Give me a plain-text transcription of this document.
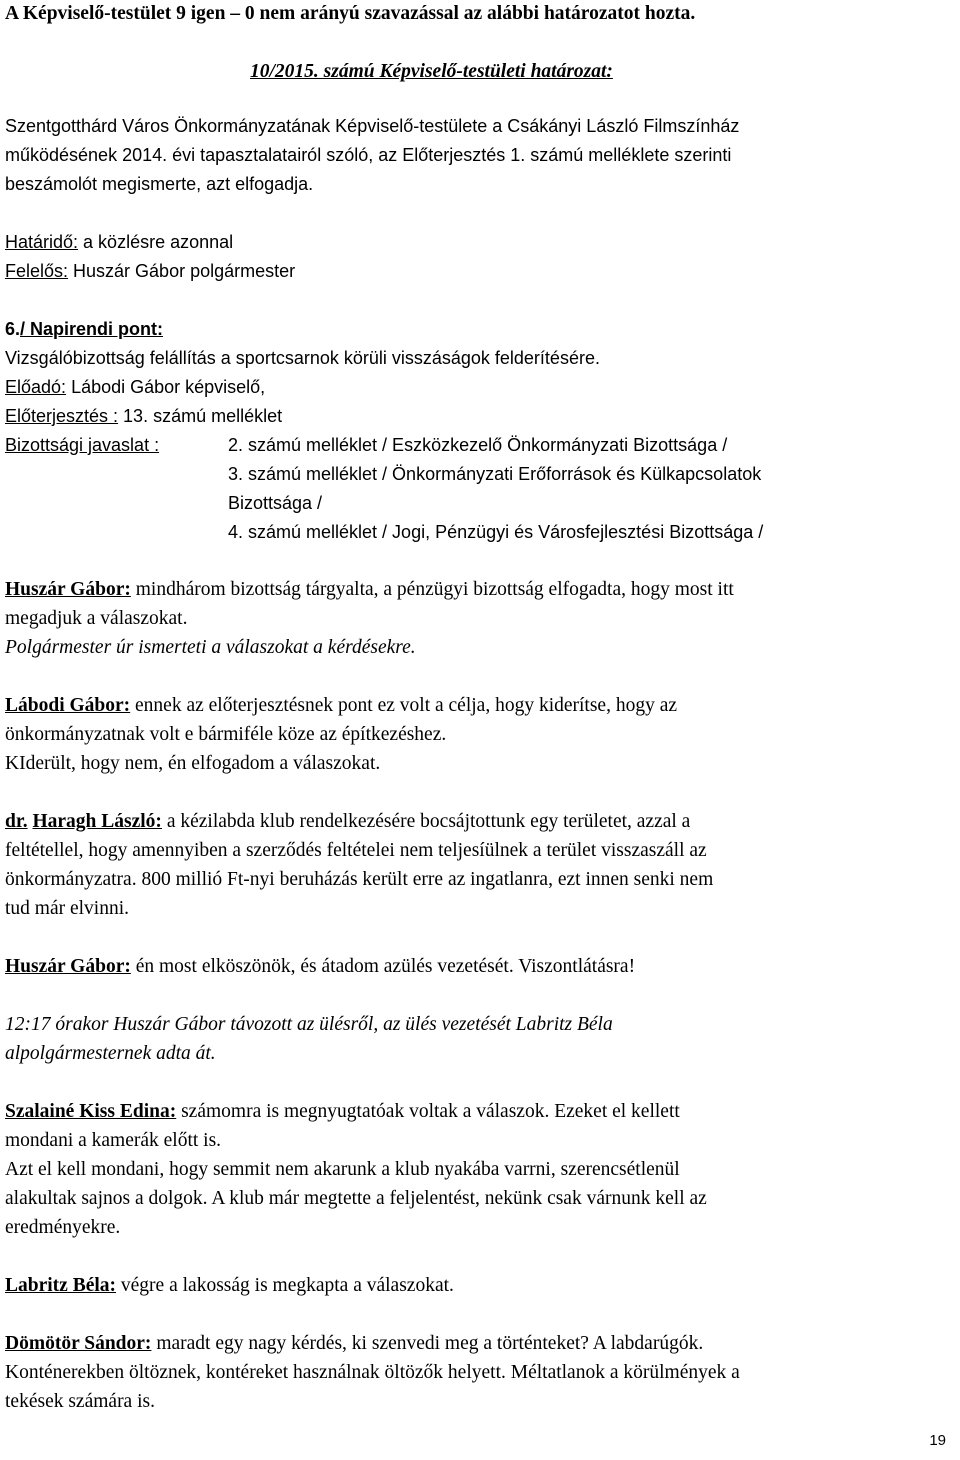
A Képviselő-testület 9 igen – 0 nem arányú szavazással az alábbi határozatot hozta.
10/2015. számú Képviselő-testületi határozat:
Szentgotthárd Város Önkormányzatának Képviselő-testülete a Csákányi László Filmszínház
működésének 2014. évi tapasztalatairól szóló, az Előterjesztés 1. számú melléklete szerinti
beszámolót megismerte, azt elfogadja.
Határidő: a közlésre azonnal
Felelős: Huszár Gábor polgármester
6./ Napirendi pont:
Vizsgálóbizottság felállítás a sportcsarnok körüli visszáságok felderítésére.
Előadó: Lábodi Gábor képviselő,
Előterjesztés : 13. számú melléklet
Bizottsági javaslat :	2. számú melléklet / Eszközkezelő Önkormányzati Bizottsága /
3. számú melléklet / Önkormányzati Erőforrások és Külkapcsolatok
Bizottsága /
4. számú melléklet / Jogi, Pénzügyi és Városfejlesztési Bizottsága /
Huszár Gábor: mindhárom bizottság tárgyalta, a pénzügyi bizottság elfogadta, hogy most itt
megadjuk a válaszokat.
Polgármester úr ismerteti a válaszokat a kérdésekre.
Lábodi Gábor: ennek az előterjesztésnek pont ez volt a célja, hogy kiderítse, hogy az
önkormányzatnak volt e bármiféle köze az építkezéshez.
KIderült, hogy nem, én elfogadom a válaszokat.
dr. Haragh László: a kézilabda klub rendelkezésére bocsájtottunk egy területet, azzal a
feltétellel, hogy amennyiben a szerződés feltételei nem teljesíülnek a terület visszaszáll az
önkormányzatra. 800 millió Ft-nyi beruházás került erre az ingatlanra, ezt innen senki nem
tud már elvinni.
Huszár Gábor: én most elköszönök, és átadom azülés vezetését. Viszontlátásra!
12:17 órakor Huszár Gábor távozott az ülésről, az ülés vezetését Labritz Béla
alpolgármesternek adta át.
Szalainé Kiss Edina: számomra is megnyugtatóak voltak a válaszok. Ezeket el kellett
mondani a kamerák előtt is.
Azt el kell mondani, hogy semmit nem akarunk a klub nyakába varrni, szerencsétlenül
alakultak sajnos a dolgok. A klub már megtette a feljelentést, nekünk csak várnunk kell az
eredményekre.
Labritz Béla: végre a lakosság is megkapta a válaszokat.
Dömötör Sándor: maradt egy nagy kérdés, ki szenvedi meg a történteket? A labdarúgók.
Konténerekben öltöznek, kontéreket használnak öltözők helyett. Méltatlanok a körülmények a
tekések számára is.
19
